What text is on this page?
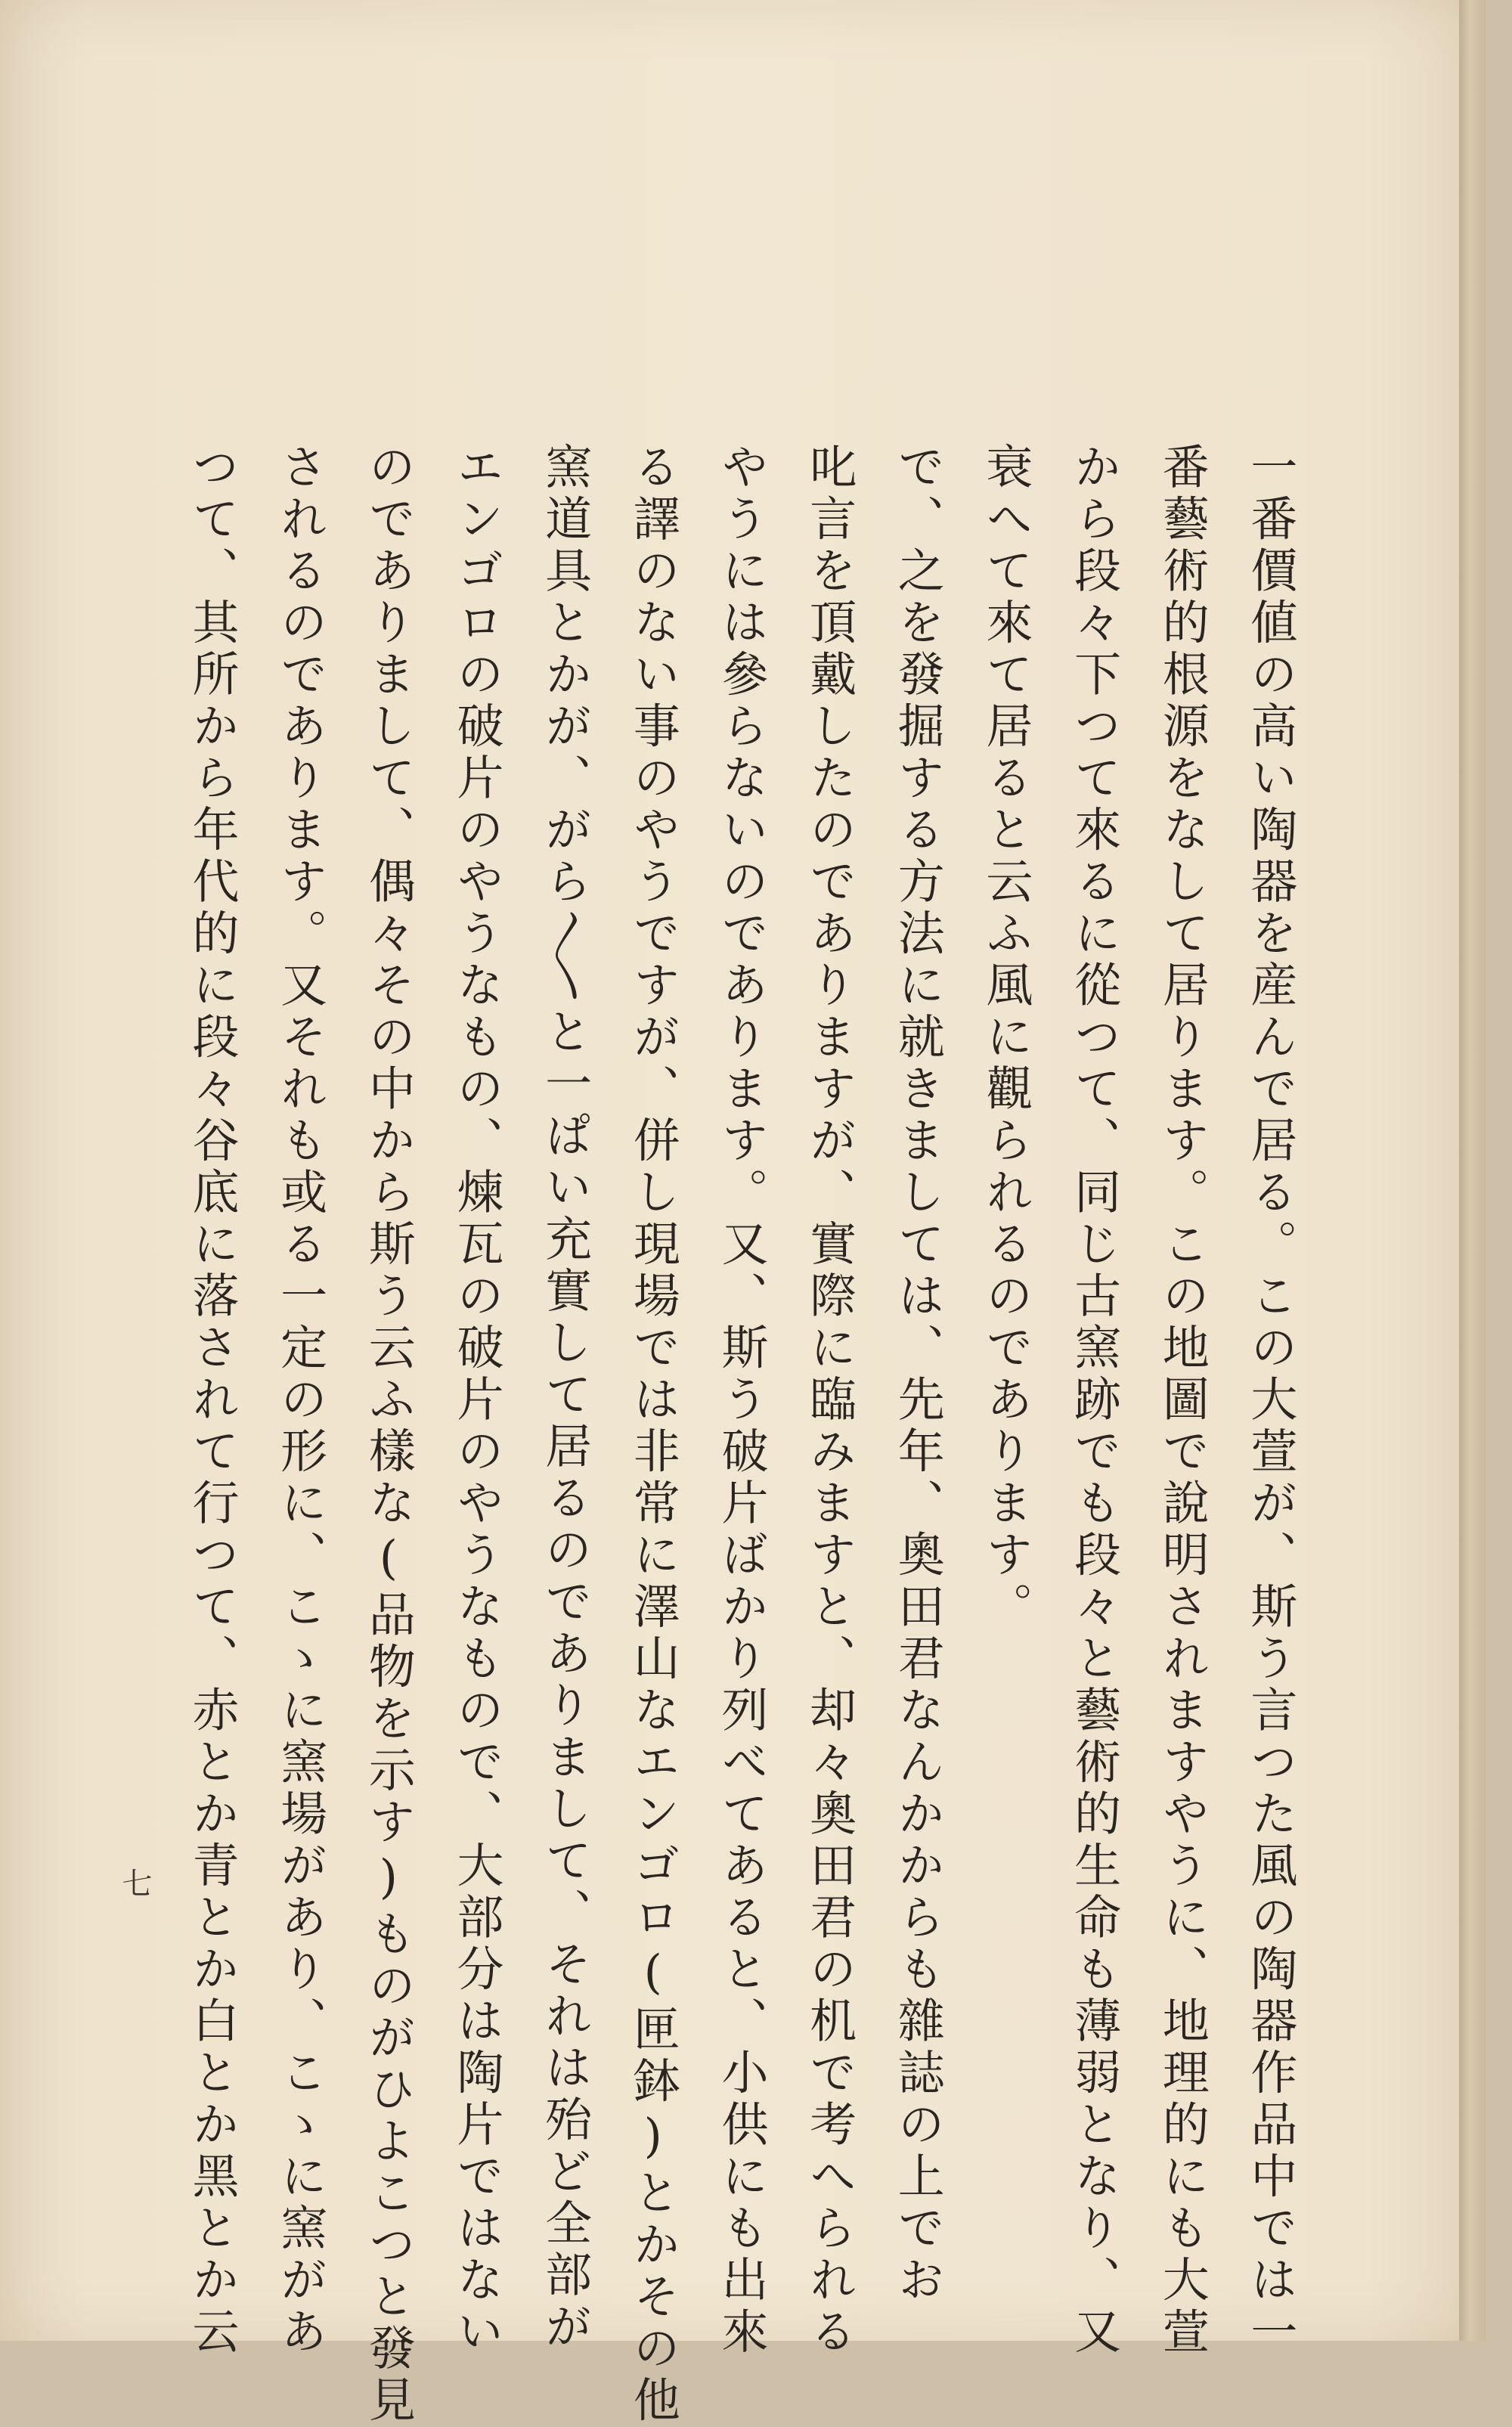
一番價値の高い陶器を産んで居る。この大萱が、斯う言つた風の陶器作品中では一

番藝術的根源をなして居ります。この地圖で說明されますやうに、地理的にも大萱

から段々下つて來るに從つて、同じ古窯跡でも段々と藝術的生命も薄弱となり、又

衰へて來て居ると云ふ風に觀られるのであります。

で、之を發掘する方法に就きましては、先年、奧田君なんかからも雜誌の上でお

叱言を頂戴したのでありますが、實際に臨みますと、却々奧田君の机で考へられる

やうには參らないのであります。又、斯う破片ばかり列べてあると、小供にも出來

る譯のない事のやうですが、併し現場では非常に澤山なエンゴロ(匣鉢)とかその他

窯道具とかが、がら〳〵と一ぱい充實して居るのでありまして、それは殆ど全部が

エンゴロの破片のやうなもの、煉瓦の破片のやうなもので、大部分は陶片ではない

のでありまして、偶々その中から斯う云ふ樣な(品物を示す)ものがひよこつと發見

されるのであります。又それも或る一定の形に、こゝに窯場があり、こゝに窯があ

つて、其所から年代的に段々谷底に落されて行つて、赤とか青とか白とか黑とか云

七
